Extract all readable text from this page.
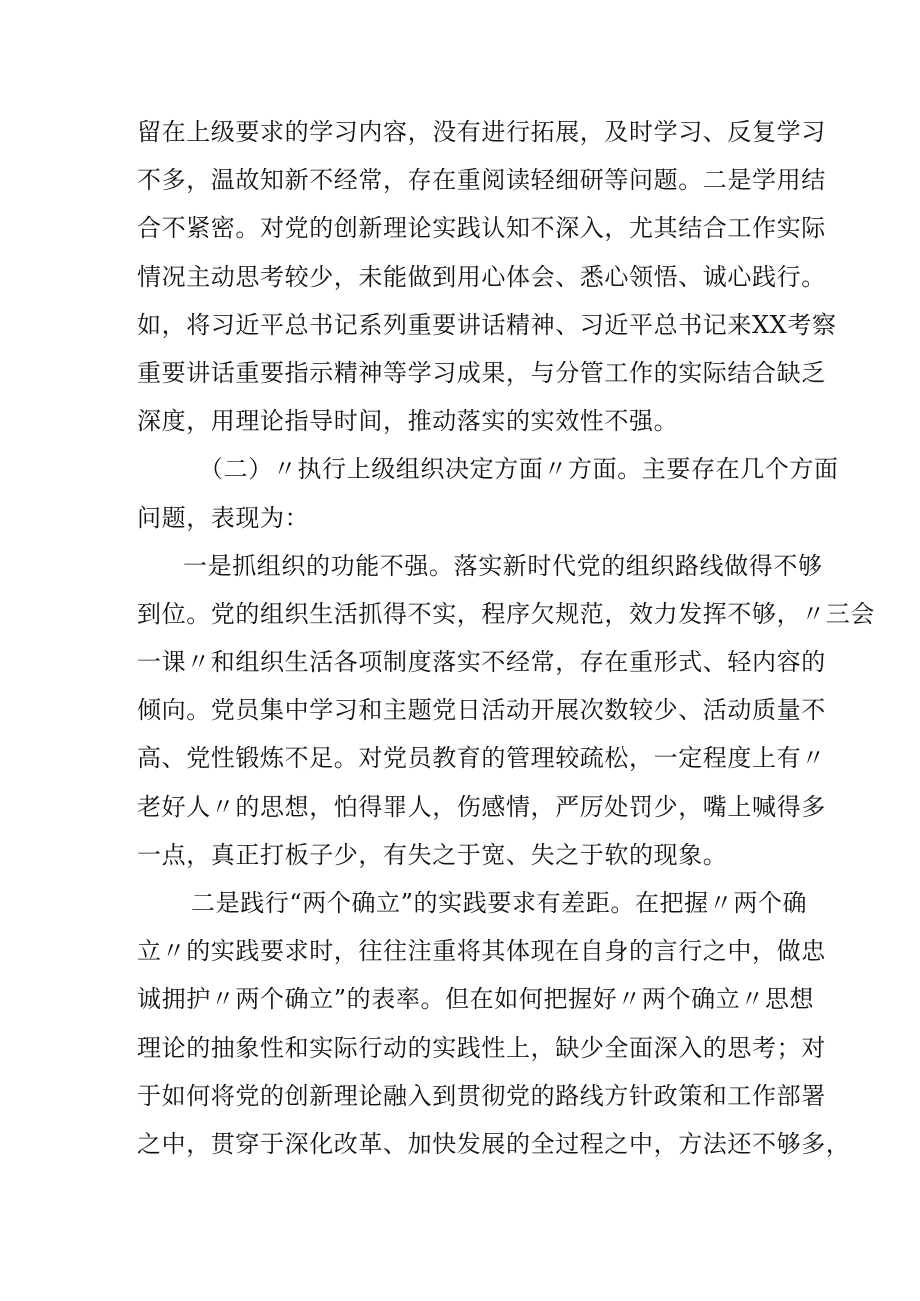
留在上级要求的学习内容，没有进行拓展，及时学习、反复学习
不多，温故知新不经常，存在重阅读轻细研等问题。二是学用结
合不紧密。对党的创新理论实践认知不深入，尤其结合工作实际
情况主动思考较少，未能做到用心体会、悉心领悟、诚心践行。
如，将习近平总书记系列重要讲话精神、习近平总书记来XX考察
重要讲话重要指示精神等学习成果，与分管工作的实际结合缺乏
深度，用理论指导时间，推动落实的实效性不强。
（二）〃执行上级组织决定方面〃方面。主要存在几个方面
问题，表现为：
一是抓组织的功能不强。落实新时代党的组织路线做得不够
到位。党的组织生活抓得不实，程序欠规范，效力发挥不够，〃三会
一课〃和组织生活各项制度落实不经常，存在重形式、轻内容的
倾向。党员集中学习和主题党日活动开展次数较少、活动质量不
高、党性锻炼不足。对党员教育的管理较疏松，一定程度上有〃
老好人〃的思想，怕得罪人，伤感情，严厉处罚少，嘴上喊得多
一点，真正打板子少，有失之于宽、失之于软的现象。
二是践行“两个确立”的实践要求有差距。在把握〃两个确
立〃的实践要求时，往往注重将其体现在自身的言行之中，做忠
诚拥护〃两个确立”的表率。但在如何把握好〃两个确立〃思想
理论的抽象性和实际行动的实践性上，缺少全面深入的思考；对
于如何将党的创新理论融入到贯彻党的路线方针政策和工作部署
之中，贯穿于深化改革、加快发展的全过程之中，方法还不够多，
